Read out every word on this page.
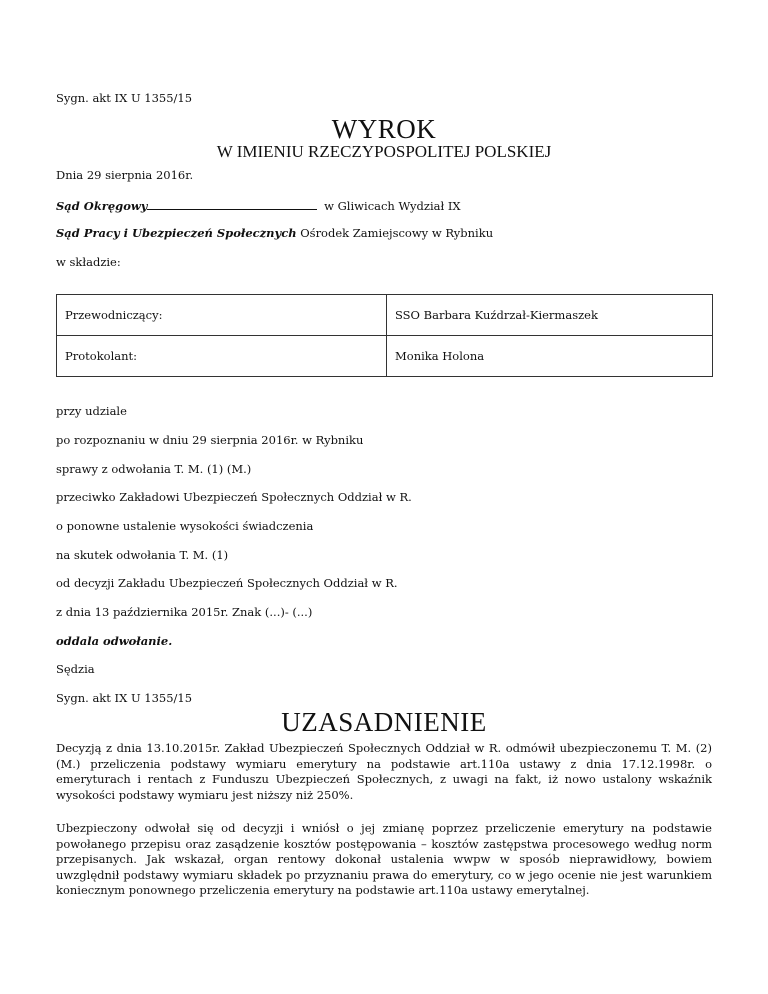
Sygn. akt IX U 1355/15
WYROK
W IMIENIU RZECZYPOSPOLITEJ POLSKIEJ
Dnia 29 sierpnia 2016r.
Sąd Okręgowy	w Gliwicach Wydział IX
Sąd Pracy i Ubezpieczeń Społecznych Ośrodek Zamiejscowy w Rybniku
w składzie:
Przewodniczący:	SSO Barbara Kuźdrzał-Kiermaszek
Protokolant:	Monika Holona
przy udziale
po rozpoznaniu w dniu 29 sierpnia 2016r. w Rybniku
sprawy z odwołania T. M. (1) (M.)
przeciwko Zakładowi Ubezpieczeń Społecznych Oddział w R.
o ponowne ustalenie wysokości świadczenia
na skutek odwołania T. M. (1)
od decyzji Zakładu Ubezpieczeń Społecznych Oddział w R.
z dnia 13 października 2015r. Znak (...)- (...)
oddala odwołanie.
Sędzia
Sygn. akt IX U 1355/15
UZASADNIENIE
Decyzją z dnia 13.10.2015r. Zakład Ubezpieczeń Społecznych Oddział w R. odmówił ubezpieczonemu T. M. (2) (M.) przeliczenia podstawy wymiaru emerytury na podstawie art.110a ustawy z dnia 17.12.1998r. o emeryturach i rentach z Funduszu Ubezpieczeń Społecznych, z uwagi na fakt, iż nowo ustalony wskaźnik wysokości podstawy wymiaru jest niższy niż 250%.
Ubezpieczony odwołał się od decyzji i wniósł o jej zmianę poprzez przeliczenie emerytury na podstawie powołanego przepisu oraz zasądzenie kosztów postępowania – kosztów zastępstwa procesowego według norm przepisanych. Jak wskazał, organ rentowy dokonał ustalenia wwpw w sposób nieprawidłowy, bowiem uwzględnił podstawy wymiaru składek po przyznaniu prawa do emerytury, co w jego ocenie nie jest warunkiem koniecznym ponownego przeliczenia emerytury na podstawie art.110a ustawy emerytalnej.
